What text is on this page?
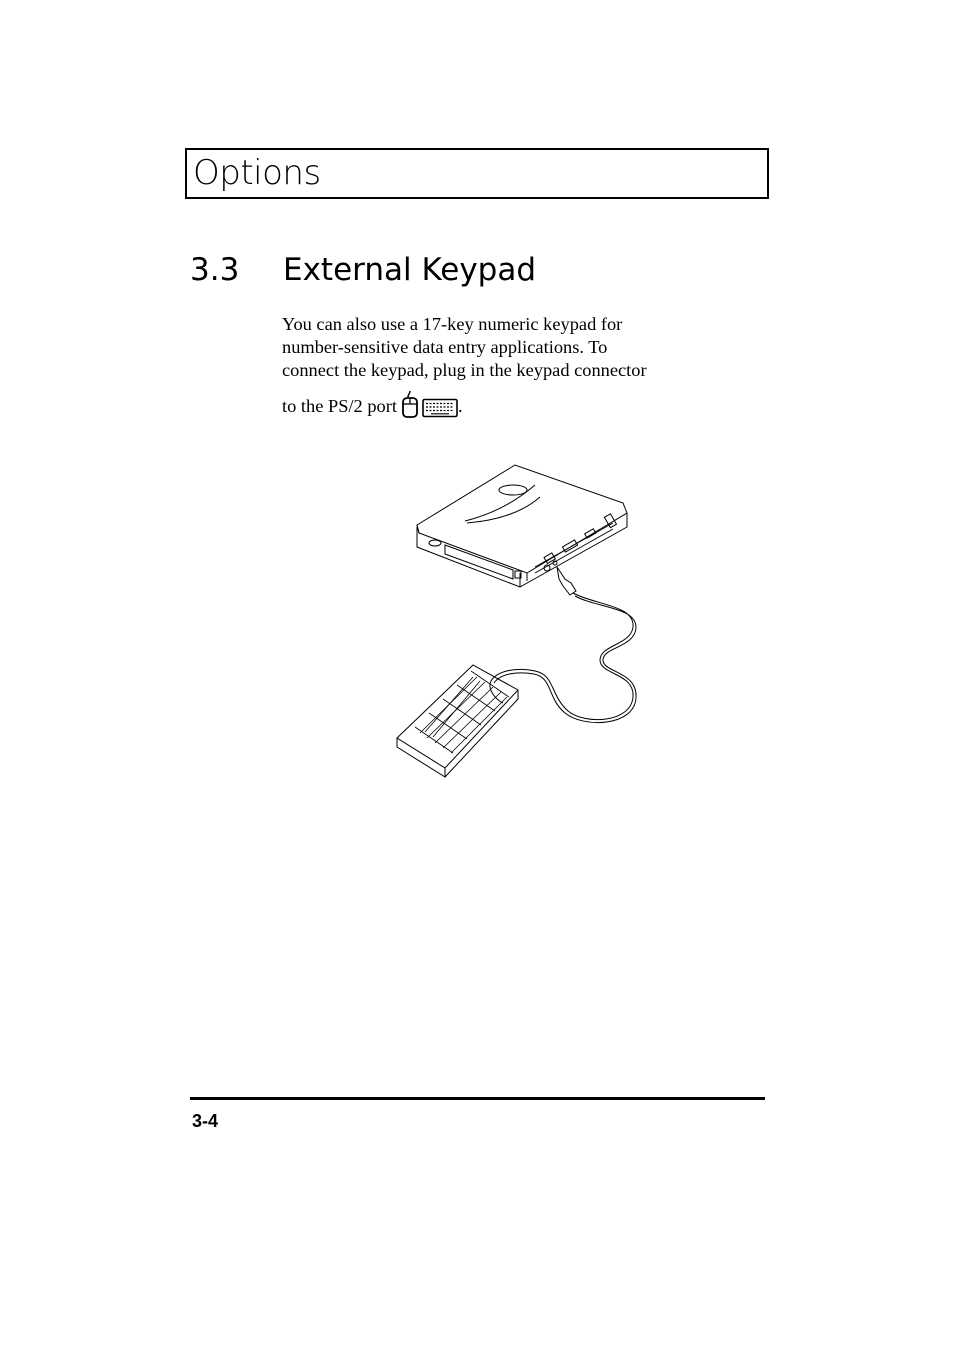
Options
3.3 External Keypad

You can also use a 17-key numeric keypad for

number-sensitive data entry applications. To

connect the keypad, plug in the keypad connector

to the PS/2 port	.

3-4
